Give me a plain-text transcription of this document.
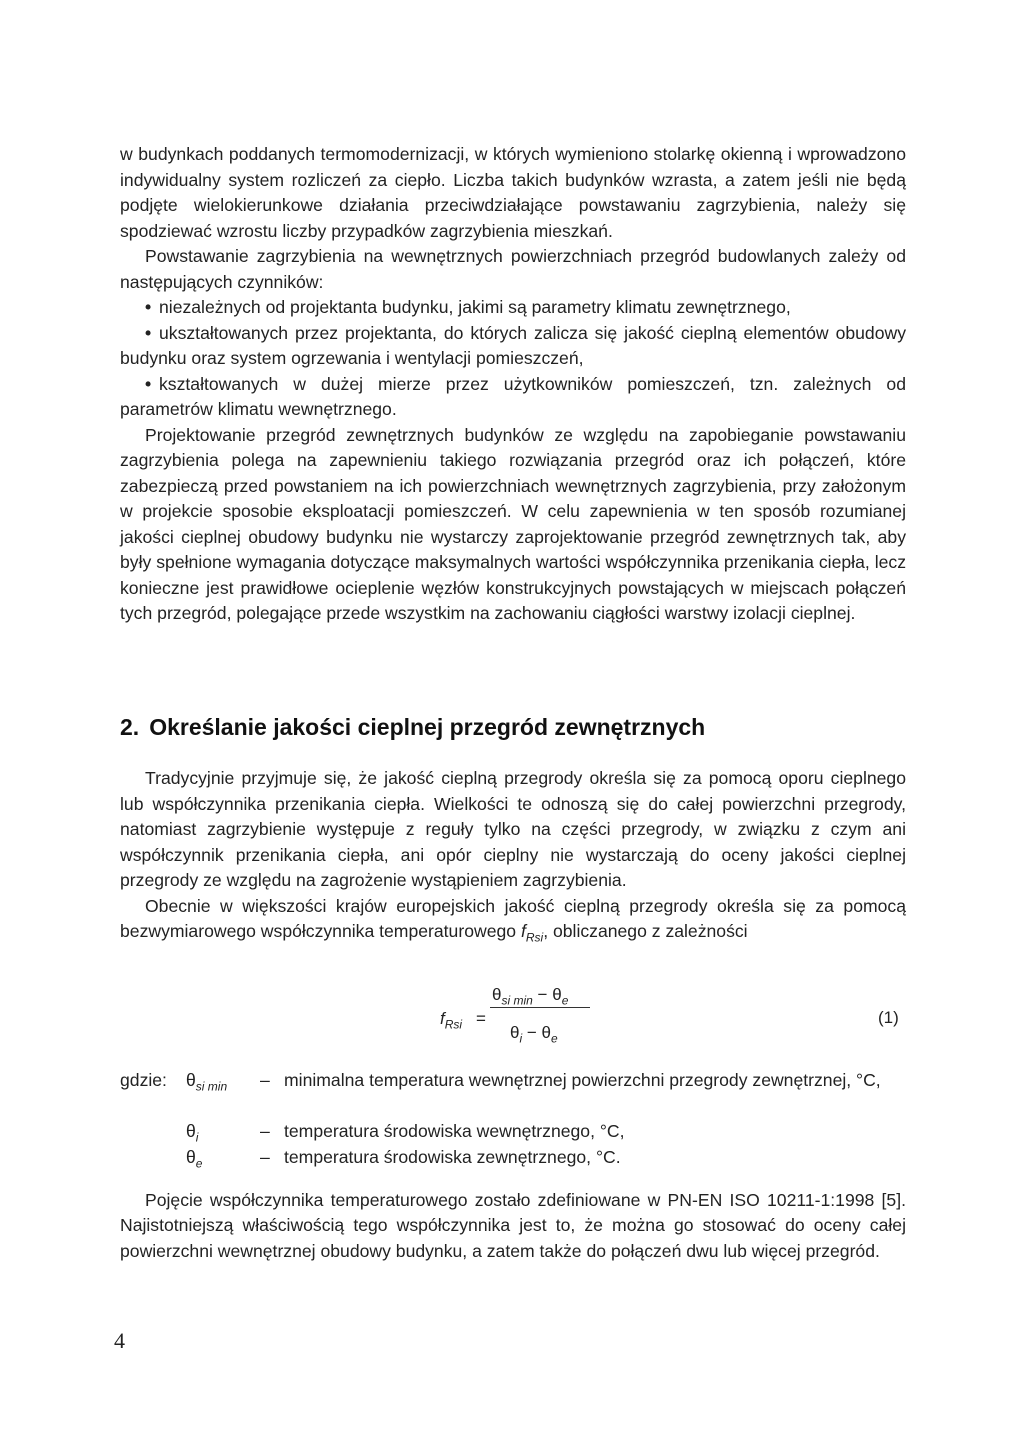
w budynkach poddanych termomodernizacji, w których wymieniono stolarkę okienną i wprowadzono indywidualny system rozliczeń za ciepło. Liczba takich budynków wzrasta, a zatem jeśli nie będą podjęte wielokierunkowe działania przeciwdziałające powstawaniu zagrzybienia, należy się spodziewać wzrostu liczby przypadków zagrzybienia mieszkań.

Powstawanie zagrzybienia na wewnętrznych powierzchniach przegród budowlanych zależy od następujących czynników:

• niezależnych od projektanta budynku, jakimi są parametry klimatu zewnętrznego,

• ukształtowanych przez projektanta, do których zalicza się jakość cieplną elementów obudowy budynku oraz system ogrzewania i wentylacji pomieszczeń,

• kształtowanych w dużej mierze przez użytkowników pomieszczeń, tzn. zależnych od parametrów klimatu wewnętrznego.

Projektowanie przegród zewnętrznych budynków ze względu na zapobieganie powstawaniu zagrzybienia polega na zapewnieniu takiego rozwiązania przegród oraz ich połączeń, które zabezpieczą przed powstaniem na ich powierzchniach wewnętrznych zagrzybienia, przy założonym w projekcie sposobie eksploatacji pomieszczeń. W celu zapewnienia w ten sposób rozumianej jakości cieplnej obudowy budynku nie wystarczy zaprojektowanie przegród zewnętrznych tak, aby były spełnione wymagania dotyczące maksymalnych wartości współczynnika przenikania ciepła, lecz konieczne jest prawidłowe ocieplenie węzłów konstrukcyjnych powstających w miejscach połączeń tych przegród, polegające przede wszystkim na zachowaniu ciągłości warstwy izolacji cieplnej.

2. Określanie jakości cieplnej przegród zewnętrznych

Tradycyjnie przyjmuje się, że jakość cieplną przegrody określa się za pomocą oporu cieplnego lub współczynnika przenikania ciepła. Wielkości te odnoszą się do całej powierzchni przegrody, natomiast zagrzybienie występuje z reguły tylko na części przegrody, w związku z czym ani współczynnik przenikania ciepła, ani opór cieplny nie wystarczają do oceny jakości cieplnej przegrody ze względu na zagrożenie wystąpieniem zagrzybienia.

Obecnie w większości krajów europejskich jakość cieplną przegrody określa się za pomocą bezwymiarowego współczynnika temperaturowego $f_{Rsi}$, obliczanego z zależności

$f_{Rsi}$ =
$\theta_{si min} - \theta_e$
$\theta_i - \theta_e$
(1)
gdzie:	$\theta_{si min}$ – minimalna temperatura wewnętrznej powierzchni przegrody zewnętrznej, °C,
$\theta_i$	– temperatura środowiska wewnętrznego, °C,
$\theta_e$	– temperatura środowiska zewnętrznego, °C.

Pojęcie współczynnika temperaturowego zostało zdefiniowane w PN-EN ISO 10211-1:1998 [5]. Najistotniejszą właściwością tego współczynnika jest to, że można go stosować do oceny całej powierzchni wewnętrznej obudowy budynku, a zatem także do połączeń dwu lub więcej przegród.

4
